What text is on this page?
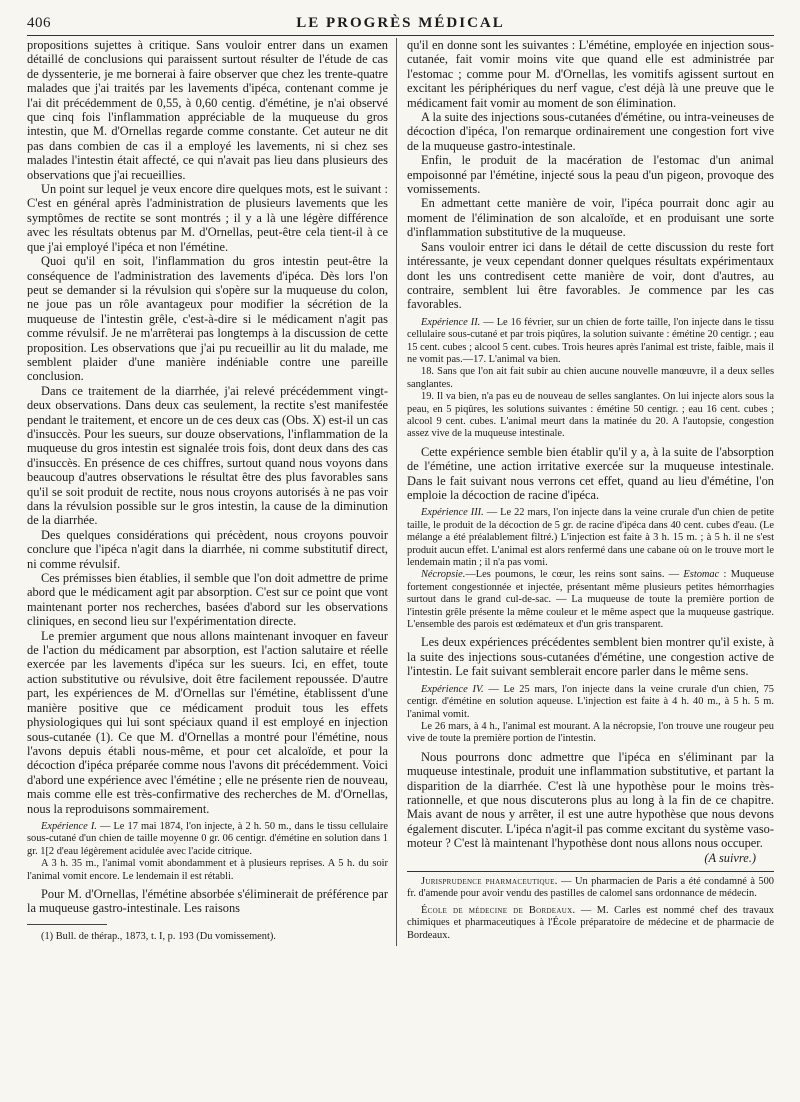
406	LE PROGRÈS MÉDICAL

propositions sujettes à critique. Sans vouloir entrer dans un examen détaillé de conclusions qui paraissent surtout résulter de l'étude de cas de dyssenterie, je me bornerai à faire observer que chez les trente-quatre malades que j'ai traités par les lavements d'ipéca, contenant comme je l'ai dit précédemment de 0,55, à 0,60 centig. d'émétine, je n'ai observé que cinq fois l'inflammation appréciable de la muqueuse du gros intestin, que M. d'Ornellas regarde comme constante. Cet auteur ne dit pas dans combien de cas il a employé les lavements, ni si chez ses malades l'intestin était affecté, ce qui n'avait pas lieu dans plusieurs des observations que j'ai recueillies.

Un point sur lequel je veux encore dire quelques mots, est le suivant : C'est en général après l'administration de plusieurs lavements que les symptômes de rectite se sont montrés ; il y a là une légère différence avec les résultats obtenus par M. d'Ornellas, peut-être cela tient-il à ce que j'ai employé l'ipéca et non l'émétine.

Quoi qu'il en soit, l'inflammation du gros intestin peut-être la conséquence de l'administration des lavements d'ipéca. Dès lors l'on peut se demander si la révulsion qui s'opère sur la muqueuse du colon, ne joue pas un rôle avantageux pour modifier la sécrétion de la muqueuse de l'intestin grêle, c'est-à-dire si le médicament n'agit pas comme révulsif. Je ne m'arrêterai pas longtemps à la discussion de cette proposition. Les observations que j'ai pu recueillir au lit du malade, me semblent plaider d'une manière indéniable contre une pareille conclusion.

Dans ce traitement de la diarrhée, j'ai relevé précédemment vingt-deux observations. Dans deux cas seulement, la rectite s'est manifestée pendant le traitement, et encore un de ces deux cas (Obs. X) est-il un cas d'insuccès. Pour les sueurs, sur douze observations, l'inflammation de la muqueuse du gros intestin est signalée trois fois, dont deux dans des cas d'insuccès. En présence de ces chiffres, surtout quand nous voyons dans beaucoup d'autres observations le résultat être des plus favorables sans qu'il se soit produit de rectite, nous nous croyons autorisés à ne pas voir dans la révulsion possible sur le gros intestin, la cause de la diminution de la diarrhée.

Des quelques considérations qui précèdent, nous croyons pouvoir conclure que l'ipéca n'agit dans la diarrhée, ni comme substitutif direct, ni comme révulsif.

Ces prémisses bien établies, il semble que l'on doit admettre de prime abord que le médicament agit par absorption. C'est sur ce point que vont maintenant porter nos recherches, basées d'abord sur les observations cliniques, en second lieu sur l'expérimentation directe.

Le premier argument que nous allons maintenant invoquer en faveur de l'action du médicament par absorption, est l'action salutaire et réelle exercée par les lavements d'ipéca sur les sueurs. Ici, en effet, toute action substitutive ou révulsive, doit être facilement repoussée. D'autre part, les expériences de M. d'Ornellas sur l'émétine, établissent d'une manière positive que ce médicament produit tous les effets physiologiques qui lui sont spéciaux quand il est employé en injection sous-cutanée (1). Ce que M. d'Ornellas a montré pour l'émétine, nous l'avons depuis établi nous-même, et pour cet alcaloïde, et pour la décoction d'ipéca préparée comme nous l'avons dit précédemment. Voici d'abord une expérience avec l'émétine ; elle ne présente rien de nouveau, mais comme elle est très-confirmative des recherches de M. d'Ornellas, nous la reproduisons sommairement.

Expérience I. — Le 17 mai 1874, l'on injecte, à 2 h. 50 m., dans le tissu cellulaire sous-cutané d'un chien de taille moyenne 0 gr. 06 centigr. d'émétine en solution dans 1 gr. 1[2 d'eau légèrement acidulée avec l'acide citrique.

A 3 h. 35 m., l'animal vomit abondamment et à plusieurs reprises. A 5 h. du soir l'animal vomit encore. Le lendemain il est rétabli.

Pour M. d'Ornellas, l'émétine absorbée s'éliminerait de préférence par la muqueuse gastro-intestinale. Les raisons

(1) Bull. de thérap., 1873, t. I, p. 193 (Du vomissement).

qu'il en donne sont les suivantes : L'émétine, employée en injection sous-cutanée, fait vomir moins vite que quand elle est administrée par l'estomac ; comme pour M. d'Ornellas, les vomitifs agissent surtout en excitant les périphériques du nerf vague, c'est déjà là une preuve que le médicament fait vomir au moment de son élimination.

A la suite des injections sous-cutanées d'émétine, ou intra-veineuses de décoction d'ipéca, l'on remarque ordinairement une congestion fort vive de la muqueuse gastro-intestinale.

Enfin, le produit de la macération de l'estomac d'un animal empoisonné par l'émétine, injecté sous la peau d'un pigeon, provoque des vomissements.

En admettant cette manière de voir, l'ipéca pourrait donc agir au moment de l'élimination de son alcaloïde, et en produisant une sorte d'inflammation substitutive de la muqueuse.

Sans vouloir entrer ici dans le détail de cette discussion du reste fort intéressante, je veux cependant donner quelques résultats expérimentaux dont les uns contredisent cette manière de voir, dont d'autres, au contraire, semblent lui être favorables. Je commence par les cas favorables.

Expérience II. — Le 16 février, sur un chien de forte taille, l'on injecte dans le tissu cellulaire sous-cutané et par trois piqûres, la solution suivante : émétine 20 centigr. ; eau 15 cent. cubes ; alcool 5 cent. cubes. Trois heures après l'animal est triste, faible, mais il ne vomit pas.—17. L'animal va bien.

18. Sans que l'on ait fait subir au chien aucune nouvelle manœuvre, il a deux selles sanglantes.

19. Il va bien, n'a pas eu de nouveau de selles sanglantes. On lui injecte alors sous la peau, en 5 piqûres, les solutions suivantes : émétine 50 centigr. ; eau 16 cent. cubes ; alcool 9 cent. cubes. L'animal meurt dans la matinée du 20. A l'autopsie, congestion assez vive de la muqueuse intestinale.

Cette expérience semble bien établir qu'il y a, à la suite de l'absorption de l'émétine, une action irritative exercée sur la muqueuse intestinale. Dans le fait suivant nous verrons cet effet, quand au lieu d'émétine, l'on emploie la décoction de racine d'ipéca.

Expérience III. — Le 22 mars, l'on injecte dans la veine crurale d'un chien de petite taille, le produit de la décoction de 5 gr. de racine d'ipéca dans 40 cent. cubes d'eau. (Le mélange a été préalablement filtré.) L'injection est faite à 3 h. 15 m. ; à 5 h. il ne s'est produit aucun effet. L'animal est alors renfermé dans une cabane où on le trouve mort le lendemain matin ; il n'a pas vomi.

Nécropsie.—Les poumons, le cœur, les reins sont sains. — Estomac : Muqueuse fortement congestionnée et injectée, présentant même plusieurs petites hémorrhagies surtout dans le grand cul-de-sac. — La muqueuse de toute la première portion de l'intestin grêle présente la même couleur et le même aspect que la muqueuse gastrique. L'ensemble des parois est œdémateux et d'un gris transparent.

Les deux expériences précédentes semblent bien montrer qu'il existe, à la suite des injections sous-cutanées d'émétine, une congestion active de l'intestin. Le fait suivant semblerait encore parler dans le même sens.

Expérience IV. — Le 25 mars, l'on injecte dans la veine crurale d'un chien, 75 centigr. d'émétine en solution aqueuse. L'injection est faite à 4 h. 40 m., à 5 h. 5 m. l'animal vomit.

Le 26 mars, à 4 h., l'animal est mourant. A la nécropsie, l'on trouve une rougeur peu vive de toute la première portion de l'intestin.

Nous pourrons donc admettre que l'ipéca en s'éliminant par la muqueuse intestinale, produit une inflammation substitutive, et partant la disparition de la diarrhée. C'est là une hypothèse pour le moins très-rationnelle, et que nous discuterons plus au long à la fin de ce chapitre. Mais avant de nous y arrêter, il est une autre hypothèse que nous devons également discuter. L'ipéca n'agit-il pas comme excitant du système vaso-moteur ? C'est là maintenant l'hypothèse dont nous allons nous occuper.

(A suivre.)

Jurisprudence pharmaceutique. — Un pharmacien de Paris a été condamné à 500 fr. d'amende pour avoir vendu des pastilles de calomel sans ordonnance de médecin.

École de médecine de Bordeaux. — M. Carles est nommé chef des travaux chimiques et pharmaceutiques à l'École préparatoire de médecine et de pharmacie de Bordeaux.
